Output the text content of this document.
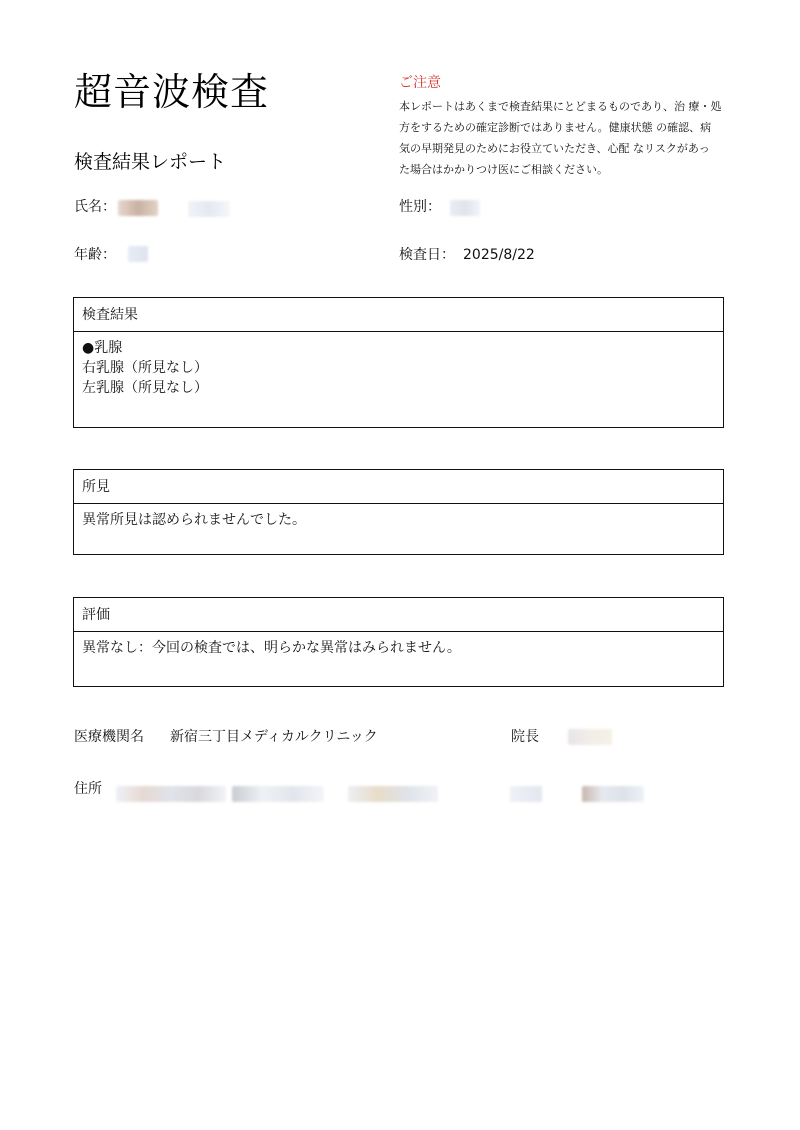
超音波検査
検査結果レポート
ご注意
本レポートはあくまで検査結果にとどまるものであり、治 療・処
方をするための確定診断ではありません。健康状態 の確認、病
気の早期発見のためにお役立ていただき、心配 なリスクがあっ
た場合はかかりつけ医にご相談ください。
氏名：	性別：
年齢：	検査日： 2025/8/22
検査結果
●乳腺
右乳腺（所見なし）
左乳腺（所見なし）
所見
異常所見は認められませんでした。
評価
異常なし：今回の検査では、明らかな異常はみられません。
医療機関名 新宿三丁目メディカルクリニック	院長
住所
